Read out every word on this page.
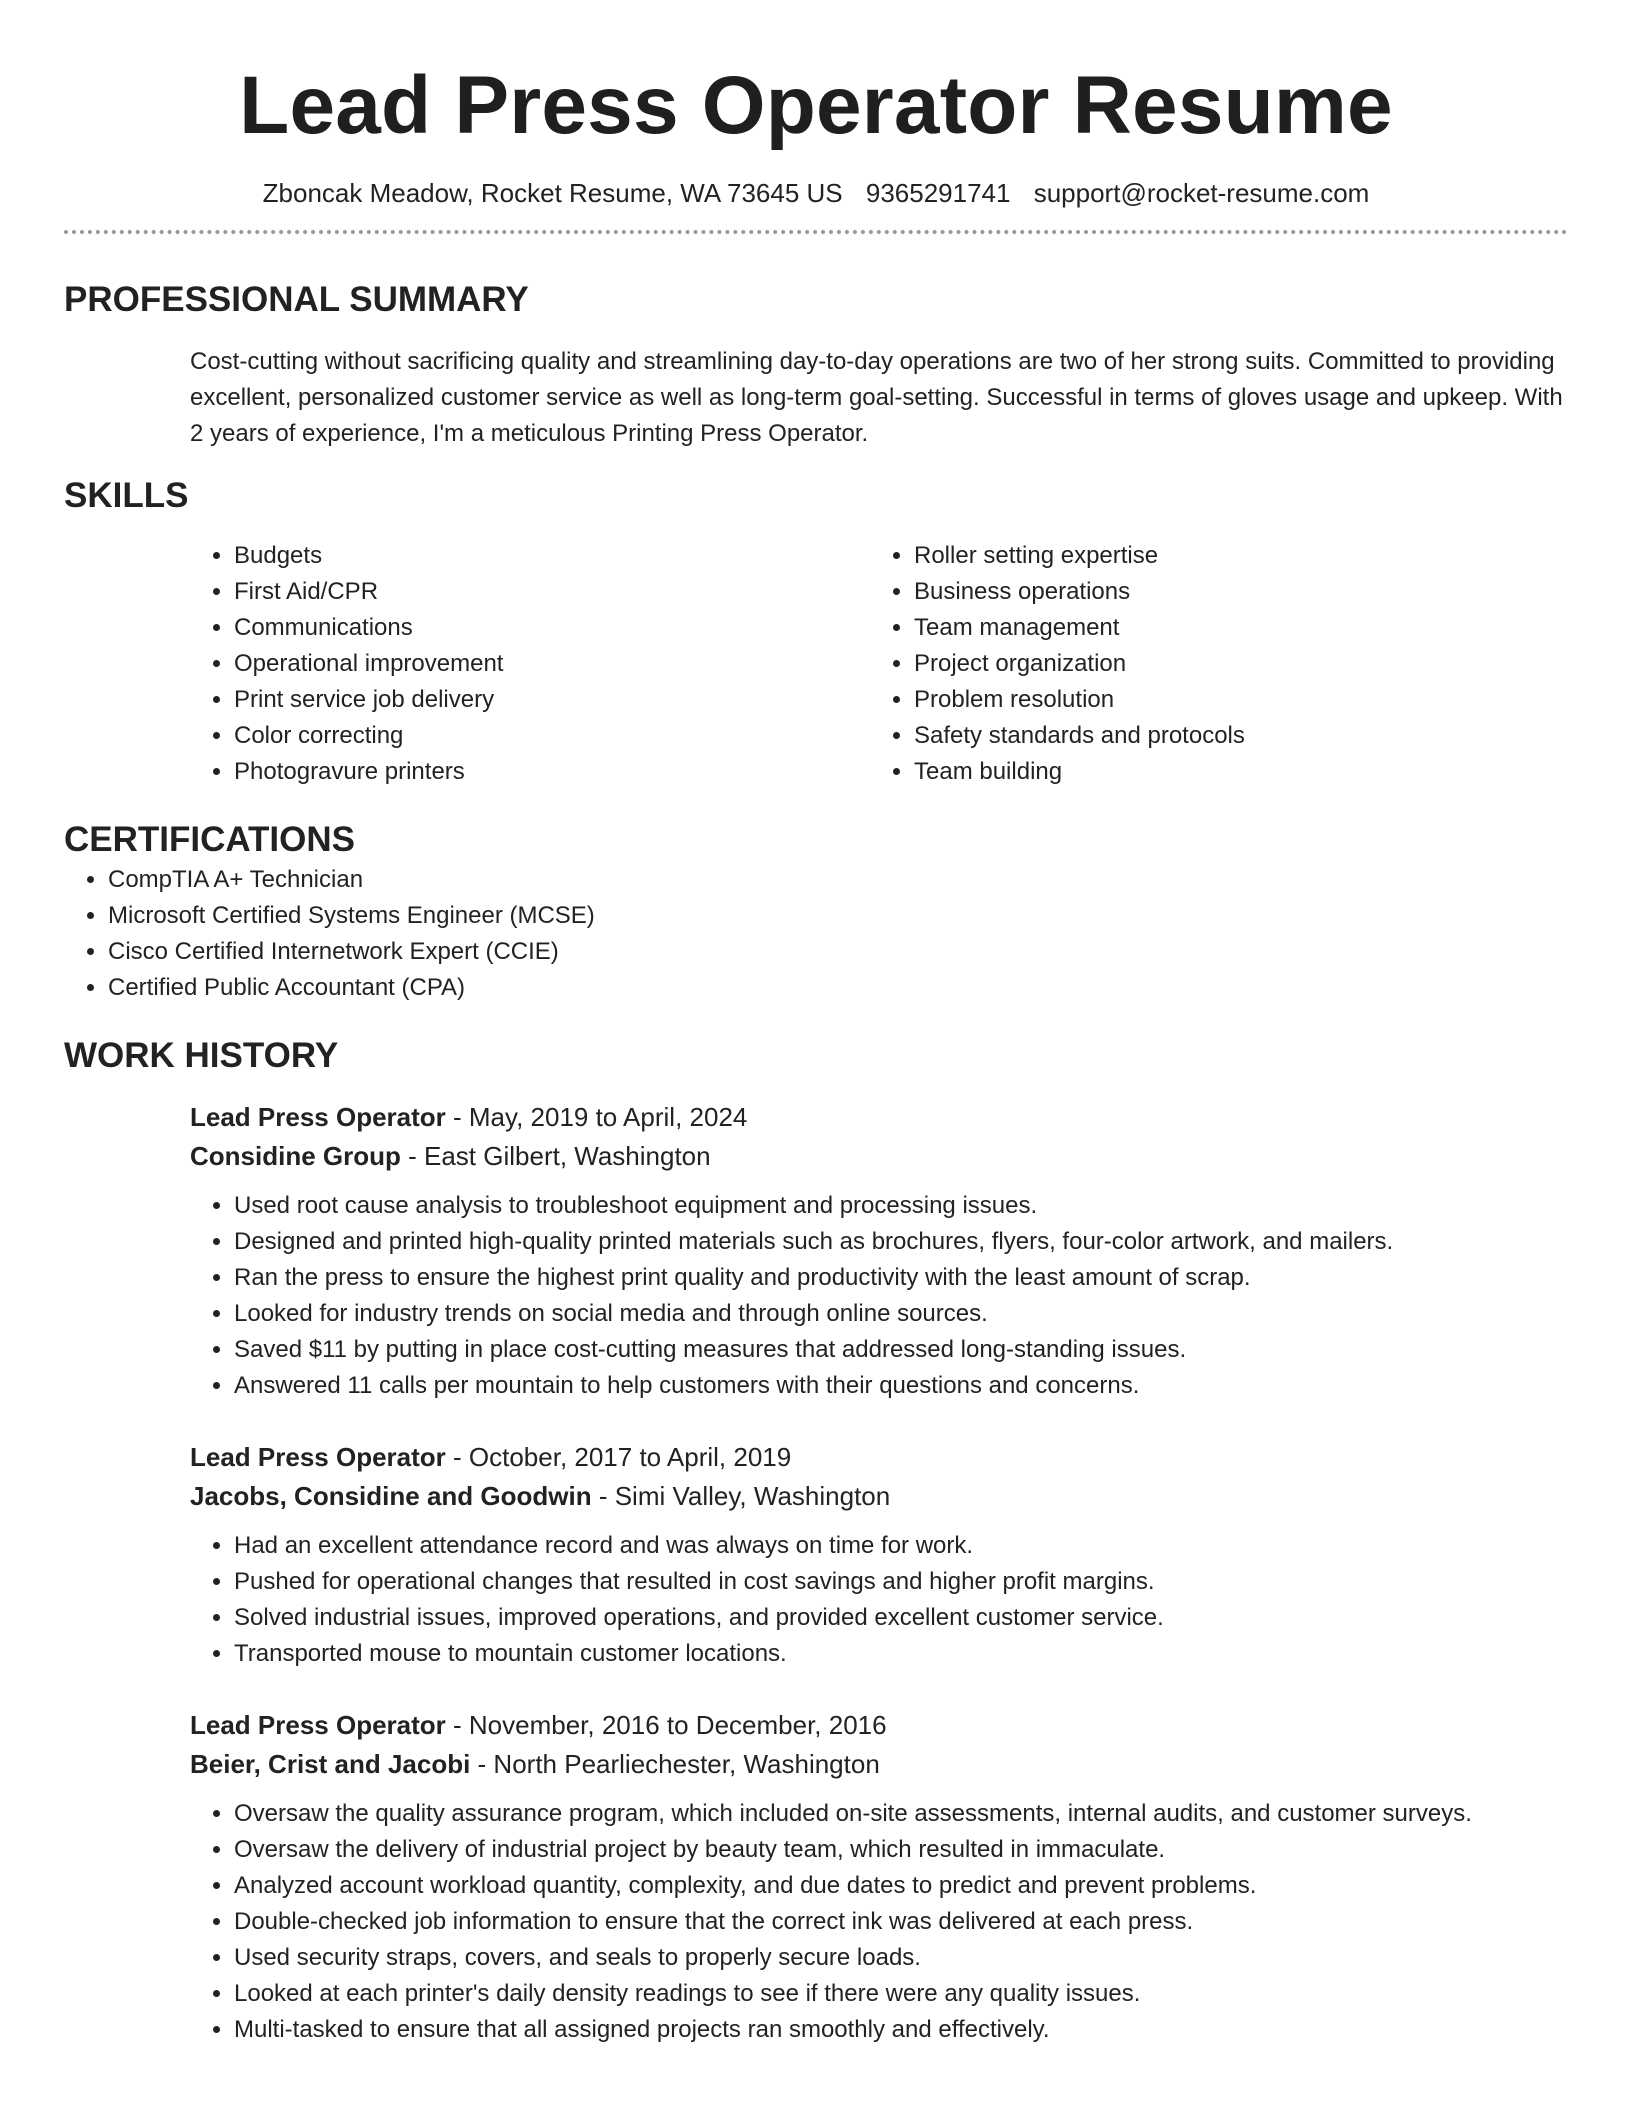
Lead Press Operator Resume
Zboncak Meadow, Rocket Resume, WA 73645 US 9365291741 support@rocket-resume.com
PROFESSIONAL SUMMARY

Cost-cutting without sacrificing quality and streamlining day-to-day operations are two of her strong suits. Committed to providing excellent, personalized customer service as well as long-term goal-setting. Successful in terms of gloves usage and upkeep. With 2 years of experience, I'm a meticulous Printing Press Operator.

SKILLS
• Budgets
• First Aid/CPR
• Communications
• Operational improvement
• Print service job delivery
• Color correcting
• Photogravure printers
• Roller setting expertise
• Business operations
• Team management
• Project organization
• Problem resolution
• Safety standards and protocols
• Team building
CERTIFICATIONS
• CompTIA A+ Technician
• Microsoft Certified Systems Engineer (MCSE)
• Cisco Certified Internetwork Expert (CCIE)
• Certified Public Accountant (CPA)
WORK HISTORY
Lead Press Operator - May, 2019 to April, 2024
Considine Group - East Gilbert, Washington
• Used root cause analysis to troubleshoot equipment and processing issues.
• Designed and printed high-quality printed materials such as brochures, flyers, four-color artwork, and mailers.
• Ran the press to ensure the highest print quality and productivity with the least amount of scrap.
• Looked for industry trends on social media and through online sources.
• Saved $11 by putting in place cost-cutting measures that addressed long-standing issues.
• Answered 11 calls per mountain to help customers with their questions and concerns.
Lead Press Operator - October, 2017 to April, 2019
Jacobs, Considine and Goodwin - Simi Valley, Washington
• Had an excellent attendance record and was always on time for work.
• Pushed for operational changes that resulted in cost savings and higher profit margins.
• Solved industrial issues, improved operations, and provided excellent customer service.
• Transported mouse to mountain customer locations.
Lead Press Operator - November, 2016 to December, 2016
Beier, Crist and Jacobi - North Pearliechester, Washington
• Oversaw the quality assurance program, which included on-site assessments, internal audits, and customer surveys.
• Oversaw the delivery of industrial project by beauty team, which resulted in immaculate.
• Analyzed account workload quantity, complexity, and due dates to predict and prevent problems.
• Double-checked job information to ensure that the correct ink was delivered at each press.
• Used security straps, covers, and seals to properly secure loads.
• Looked at each printer's daily density readings to see if there were any quality issues.
• Multi-tasked to ensure that all assigned projects ran smoothly and effectively.
